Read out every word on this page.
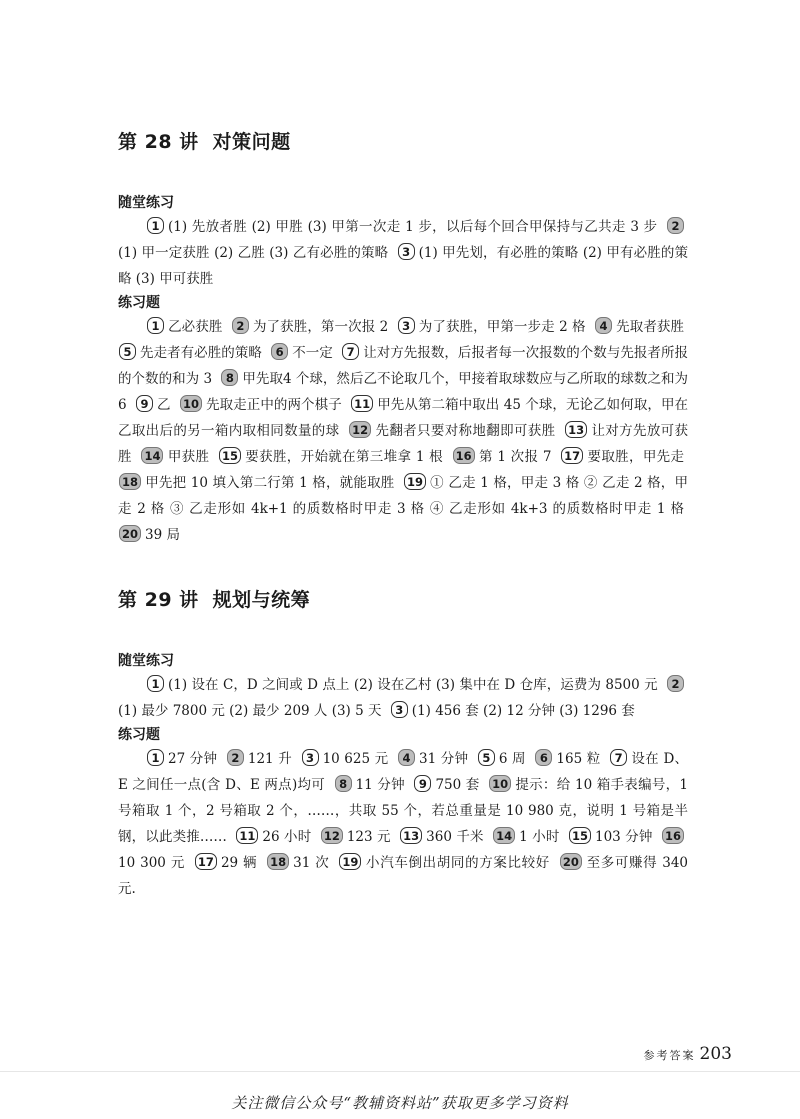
第 28 讲 对策问题
随堂练习

1 (1) 先放者胜 (2) 甲胜 (3) 甲第一次走 1 步，以后每个回合甲保持与乙共走 3 步 2(1) 甲一定获胜 (2) 乙胜 (3) 乙有必胜的策略 3 (1) 甲先划，有必胜的策略 (2) 甲有必胜的策略 (3) 甲可获胜

练习题

1 乙必获胜 2 为了获胜，第一次报 2 3 为了获胜，甲第一步走 2 格 4 先取者获胜 5 先走者有必胜的策略 6 不一定 7 让对方先报数，后报者每一次报数的个数与先报者所报的个数的和为 3 8 甲先取4 个球，然后乙不论取几个，甲接着取球数应与乙所取的球数之和为 6 9 乙 10 先取走正中的两个棋子 11 甲先从第二箱中取出 45 个球，无论乙如何取，甲在乙取出后的另一箱内取相同数量的球 12 先翻者只要对称地翻即可获胜 13 让对方先放可获胜 14 甲获胜 15 要获胜，开始就在第三堆拿 1 根 16 第 1 次报 7 17 要取胜，甲先走 18 甲先把 10 填入第二行第 1 格，就能取胜 19 ① 乙走 1 格，甲走 3 格 ② 乙走 2 格，甲走 2 格 ③ 乙走形如 4k+1 的质数格时甲走 3 格 ④ 乙走形如 4k+3 的质数格时甲走 1 格 20 39 局

第 29 讲 规划与统筹
随堂练习

1 (1) 设在 C，D 之间或 D 点上 (2) 设在乙村 (3) 集中在 D 仓库，运费为 8500 元 2(1) 最少 7800 元 (2) 最少 209 人 (3) 5 天 3 (1) 456 套 (2) 12 分钟 (3) 1296 套

练习题

1 27 分钟 2 121 升 3 10 625 元 4 31 分钟 5 6 周 6 165 粒 7 设在 D、E 之间任一点(含 D、E 两点)均可 8 11 分钟 9 750 套 10 提示：给 10 箱手表编号，1 号箱取 1 个，2 号箱取 2 个，……，共取 55 个，若总重量是 10 980 克，说明 1 号箱是半钢，以此类推…… 11 26 小时 12 123 元 13 360 千米 14 1 小时 15 103 分钟 1610 300 元 17 29 辆 18 31 次 19 小汽车倒出胡同的方案比较好 20 至多可赚得 340 元.

参考答案 203
关注微信公众号“教辅资料站”获取更多学习资料
